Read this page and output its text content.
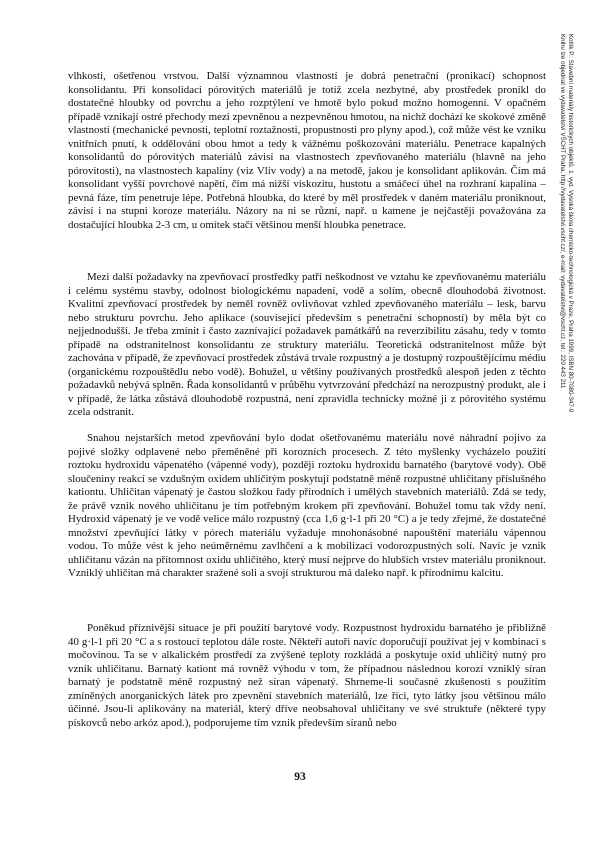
vlhkosti, ošetřenou vrstvou. Další významnou vlastností je dobrá penetrační (pronikací) schopnost konsolidantu. Při konsolidaci pórovitých materiálů je totiž zcela nezbytné, aby prostředek pronikl do dostatečné hloubky od povrchu a jeho rozptýlení ve hmotě bylo pokud možno homogenní. V opačném případě vznikají ostré přechody mezi zpevněnou a nezpevněnou hmotou, na nichž dochází ke skokové změně vlastností (mechanické pevnosti, teplotní roztažnosti, propustnosti pro plyny apod.), což může vést ke vzniku vnitřních pnutí, k oddělování obou hmot a tedy k vážnému poškozování materiálu. Penetrace kapalných konsolidantů do pórovitých materiálů závisí na vlastnostech zpevňovaného materiálu (hlavně na jeho pórovitosti), na vlastnostech kapaliny (viz Vliv vody) a na metodě, jakou je konsolidant aplikován. Čím má konsolidant vyšší povrchové napětí, čím má nižší viskozitu, hustotu a smáčecí úhel na rozhraní kapalina – pevná fáze, tím penetruje lépe. Potřebná hloubka, do které by měl prostředek v daném materiálu proniknout, závisí i na stupni koroze materiálu. Názory na ni se různí, např. u kamene je nejčastěji považována za dostačující hloubka 2-3 cm, u omítek stačí většinou menší hloubka penetrace.

Mezi další požadavky na zpevňovací prostředky patří neškodnost ve vztahu ke zpevňovanému materiálu i celému systému stavby, odolnost biologickému napadení, vodě a solím, obecně dlouhodobá životnost. Kvalitní zpevňovací prostředek by neměl rovněž ovlivňovat vzhled zpevňovaného materiálu – lesk, barvu nebo strukturu povrchu. Jeho aplikace (související především s penetrační schopností) by měla být co nejjednodušší. Je třeba zmínit i často zaznívající požadavek památkářů na reverzibilitu zásahu, tedy v tomto případě na odstranitelnost konsolidantu ze struktury materiálu. Teoretická odstranitelnost může být zachována v případě, že zpevňovací prostředek zůstává trvale rozpustný a je dostupný rozpouštějícímu médiu (organickému rozpouštědlu nebo vodě). Bohužel, u většiny používaných prostředků alespoň jeden z těchto požadavků nebývá splněn. Řada konsolidantů v průběhu vytvrzování předchází na nerozpustný produkt, ale i v případě, že látka zůstává dlouhodobě rozpustná, není zpravidla technicky možné ji z pórovitého systému zcela odstranit.

Snahou nejstarších metod zpevňování bylo dodat ošetřovanému materiálu nové náhradní pojivo za pojivé složky odplavené nebo přeměněné při korozních procesech. Z této myšlenky vycházelo použití roztoku hydroxidu vápenatého (vápenné vody), později roztoku hydroxidu barnatého (barytové vody). Obě sloučeniny reakcí se vzdušným oxidem uhličitým poskytují podstatně méně rozpustné uhličitany příslušného kationtu. Uhličitan vápenatý je častou složkou řady přírodních i umělých stavebních materiálů. Zdá se tedy, že právě vznik nového uhličitanu je tím potřebným krokem při zpevňování. Bohužel tomu tak vždy není. Hydroxid vápenatý je ve vodě velice málo rozpustný (cca 1,6 g·l-1 při 20 °C) a je tedy zřejmé, že dostatečné množství zpevňující látky v pórech materiálu vyžaduje mnohonásobné napouštění materiálu vápennou vodou. To může vést k jeho neúměrnému zavlhčení a k mobilizaci vodorozpustných solí. Navíc je vznik uhličitanu vázán na přítomnost oxidu uhličitého, který musí nejprve do hlubších vrstev materiálu proniknout. Vzniklý uhličitan má charakter sražené soli a svojí strukturou má daleko např. k přírodnímu kalcitu.

Poněkud příznivější situace je při použití barytové vody. Rozpustnost hydroxidu barnatého je přibližně 40 g·l-1 při 20 °C a s rostoucí teplotou dále roste. Někteří autoři navíc doporučují používat jej v kombinaci s močovinou. Ta se v alkalickém prostředí za zvýšené teploty rozkládá a poskytuje oxid uhličitý nutný pro vznik uhličitanu. Barnatý kationt má rovněž výhodu v tom, že případnou následnou korozí vzniklý síran barnatý je podstatně méně rozpustný než síran vápenatý. Shrneme-li současné zkušenosti s použitím zmíněných anorganických látek pro zpevnění stavebních materiálů, lze říci, tyto látky jsou většinou málo účinné. Jsou-li aplikovány na materiál, který dříve neobsahoval uhličitany ve své struktuře (některé typy pískovců nebo arkóz apod.), podporujeme tím vznik především síranů nebo

93
Kotlík P.: Stavební materiály historických objektů. 1. vyd. Vysoká škola chemicko-technologická v Praze, Praha 1999, ISBN 80-7080-347-9
Knihu lze objednat ve vydavatelství VŠCHT Praha, http://vydavatelstvi.vscht.cz/, e-mail: vydavatelstvi@vscht.cz, tel.: 220 443 211
